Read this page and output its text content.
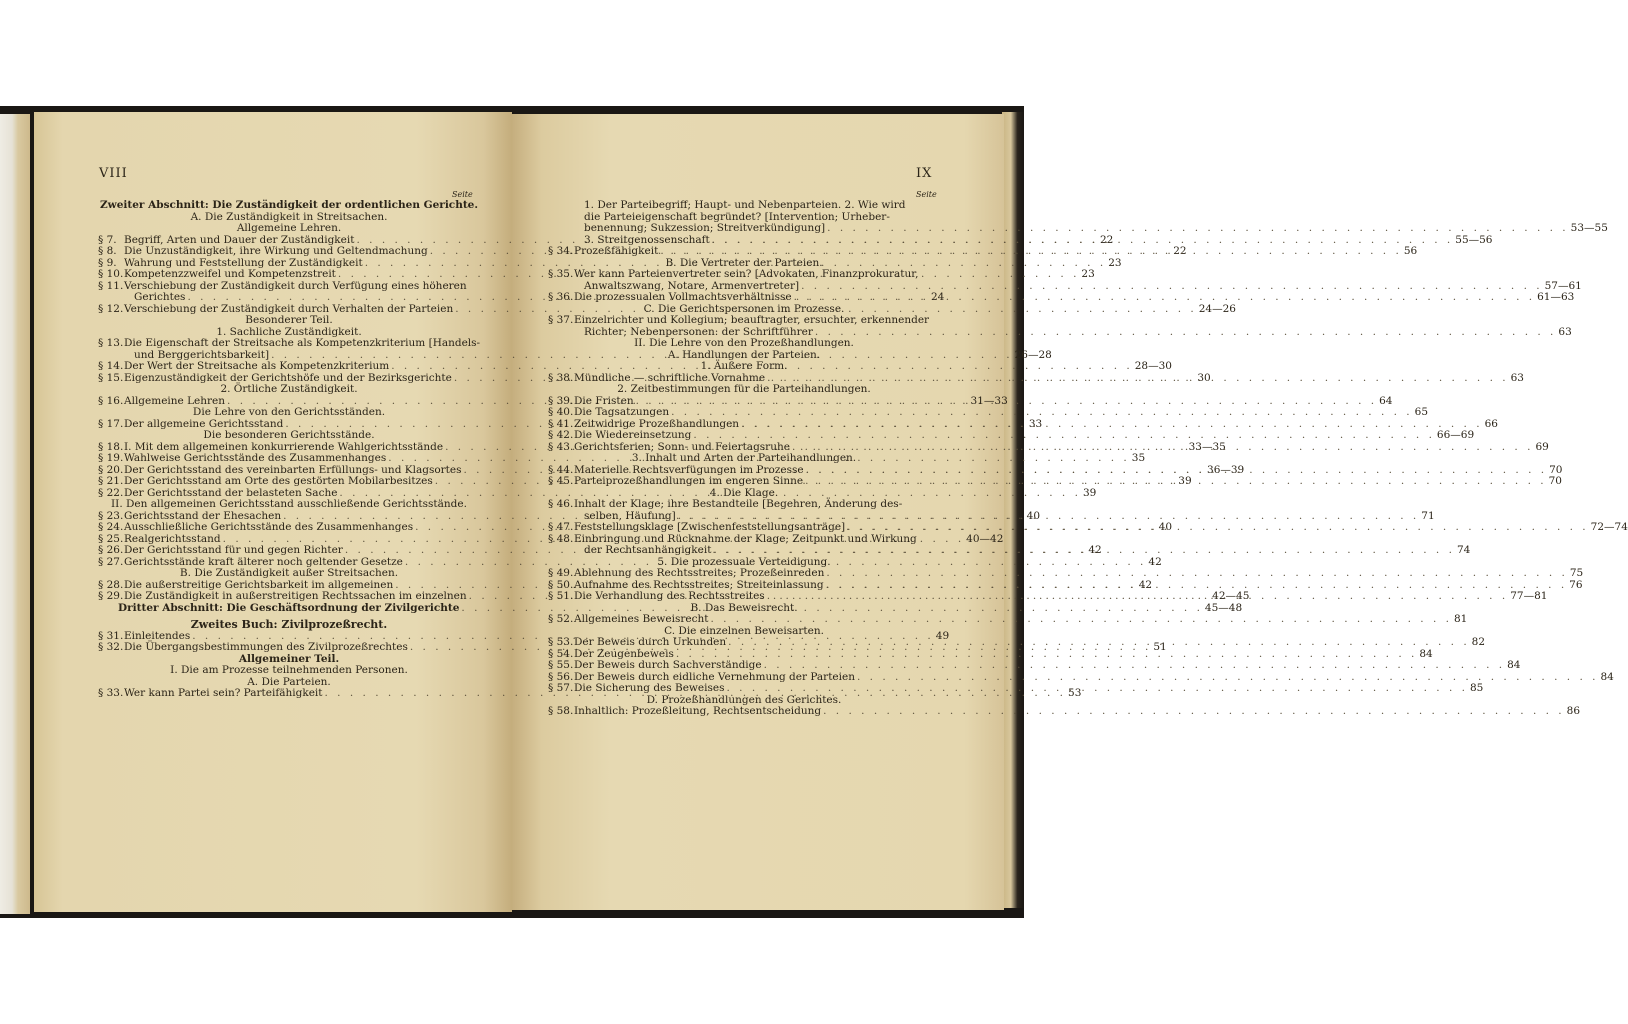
VIII	IX
Seite	Seite
Zweiter Abschnitt: Die Zuständigkeit der ordentlichen Gerichte.
A. Die Zuständigkeit in Streitsachen.
Allgemeine Lehren.
§ 7. Begriff, Arten und Dauer der Zuständigkeit . . .	22
§ 8. Die Unzuständigkeit, ihre Wirkung und Geltendmachung . . .	22
§ 9. Wahrung und Feststellung der Zuständigkeit . . .	23
§ 10. Kompetenzzweifel und Kompetenzstreit . . .	23
§ 11. Verschiebung der Zuständigkeit durch Verfügung eines höheren
Gerichtes . . .	24
§ 12. Verschiebung der Zuständigkeit durch Verhalten der Parteien . . .	24—26
Besonderer Teil.
1. Sachliche Zuständigkeit.
§ 13. Die Eigenschaft der Streitsache als Kompetenzkriterium [Handels-
und Berggerichtsbarkeit] . . .	26—28
§ 14. Der Wert der Streitsache als Kompetenzkriterium . . .	28—30
§ 15. Eigenzuständigkeit der Gerichtshöfe und der Bezirksgerichte . . .	30
2. Örtliche Zuständigkeit.
§ 16. Allgemeine Lehren . . .	31—33
Die Lehre von den Gerichtsständen.
§ 17. Der allgemeine Gerichtsstand . . .	33
Die besonderen Gerichtsstände.
§ 18. I. Mit dem allgemeinen konkurrierende Wahlgerichtsstände . . .	33—35
§ 19. Wahlweise Gerichtsstände des Zusammenhanges . . .	35
§ 20. Der Gerichtsstand des vereinbarten Erfüllungs- und Klagsortes . . .	36—39
§ 21. Der Gerichtsstand am Orte des gestörten Mobilarbesitzes . . .	39
§ 22. Der Gerichtsstand der belasteten Sache . . .	39
II. Den allgemeinen Gerichtsstand ausschließende Gerichtsstände.
§ 23. Gerichtsstand der Ehesachen . . .	40
§ 24. Ausschließliche Gerichtsstände des Zusammenhanges . . .	40
§ 25. Realgerichtsstand . . .	40—42
§ 26. Der Gerichtsstand für und gegen Richter . . .	42
§ 27. Gerichtsstände kraft älterer noch geltender Gesetze . . .	42
B. Die Zuständigkeit außer Streitsachen.
§ 28. Die außerstreitige Gerichtsbarkeit im allgemeinen . . .	42
§ 29. Die Zuständigkeit in außerstreitigen Rechtssachen im einzelnen . . .	42—45
Dritter Abschnitt: Die Geschäftsordnung der Zivilgerichte . . .	45—48
Zweites Buch: Zivilprozeßrecht.
§ 31. Einleitendes . . .	49
§ 32. Die Übergangsbestimmungen des Zivilprozeßrechtes . . .	51
Allgemeiner Teil.
I. Die am Prozesse teilnehmenden Personen.
A. Die Parteien.
§ 33. Wer kann Partei sein? Parteifähigkeit . . .	53
1. Der Parteibegriff; Haupt- und Nebenparteien. 2. Wie wird
die Parteieigenschaft begründet? [Intervention; Urheber-
benennung; Sukzession; Streitverkündigung] . . .	53—55
3. Streitgenossenschaft . . .	55—56
§ 34. Prozeßfähigkeit . . .	56
B. Die Vertreter der Parteien.
§ 35. Wer kann Parteienvertreter sein? [Advokaten, Finanzprokuratur,
Anwaltszwang, Notare, Armenvertreter] . . .	57—61
§ 36. Die prozessualen Vollmachtsverhältnisse . . .	61—63
C. Die Gerichtspersonen im Prozesse.
§ 37. Einzelrichter und Kollegium; beauftragter, ersuchter, erkennender
Richter; Nebenpersonen: der Schriftführer . . .	63
II. Die Lehre von den Prozeßhandlungen.
A. Handlungen der Parteien.
1. Äußere Form.
§ 38. Mündliche — schriftliche Vornahme . . .	63
2. Zeitbestimmungen für die Parteihandlungen.
§ 39. Die Fristen . . .	64
§ 40. Die Tagsatzungen . . .	65
§ 41. Zeitwidrige Prozeßhandlungen . . .	66
§ 42. Die Wiedereinsetzung . . .	66—69
§ 43. Gerichtsferien; Sonn- und Feiertagsruhe . . .	69
3. Inhalt und Arten der Parteihandlungen.
§ 44. Materielle Rechtsverfügungen im Prozesse . . .	70
§ 45. Parteiprozeßhandlungen im engeren Sinne . . .	70
4. Die Klage.
§ 46. Inhalt der Klage; ihre Bestandteile [Begehren, Änderung des-
selben, Häufung] . . .	71
§ 47. Feststellungsklage [Zwischenfeststellungsanträge] . . .	72—74
§ 48. Einbringung und Rücknahme der Klage; Zeitpunkt und Wirkung
der Rechtsanhängigkeit . . .	74
5. Die prozessuale Verteidigung.
§ 49. Ablehnung des Rechtsstreites; Prozeßeinreden . . .	75
§ 50. Aufnahme des Rechtsstreites; Streiteinlassung . . .	76
§ 51. Die Verhandlung des Rechtsstreites . . .	77—81
B. Das Beweisrecht.
§ 52. Allgemeines Beweisrecht . . .	81
C. Die einzelnen Beweisarten.
§ 53. Der Beweis durch Urkunden . . .	82
§ 54. Der Zeugenbeweis . . .	84
§ 55. Der Beweis durch Sachverständige . . .	84
§ 56. Der Beweis durch eidliche Vernehmung der Parteien . . .	84
§ 57. Die Sicherung des Beweises . . .	85
D. Prozeßhandlungen des Gerichtes.
§ 58. Inhaltlich: Prozeßleitung, Rechtsentscheidung . . .	86
